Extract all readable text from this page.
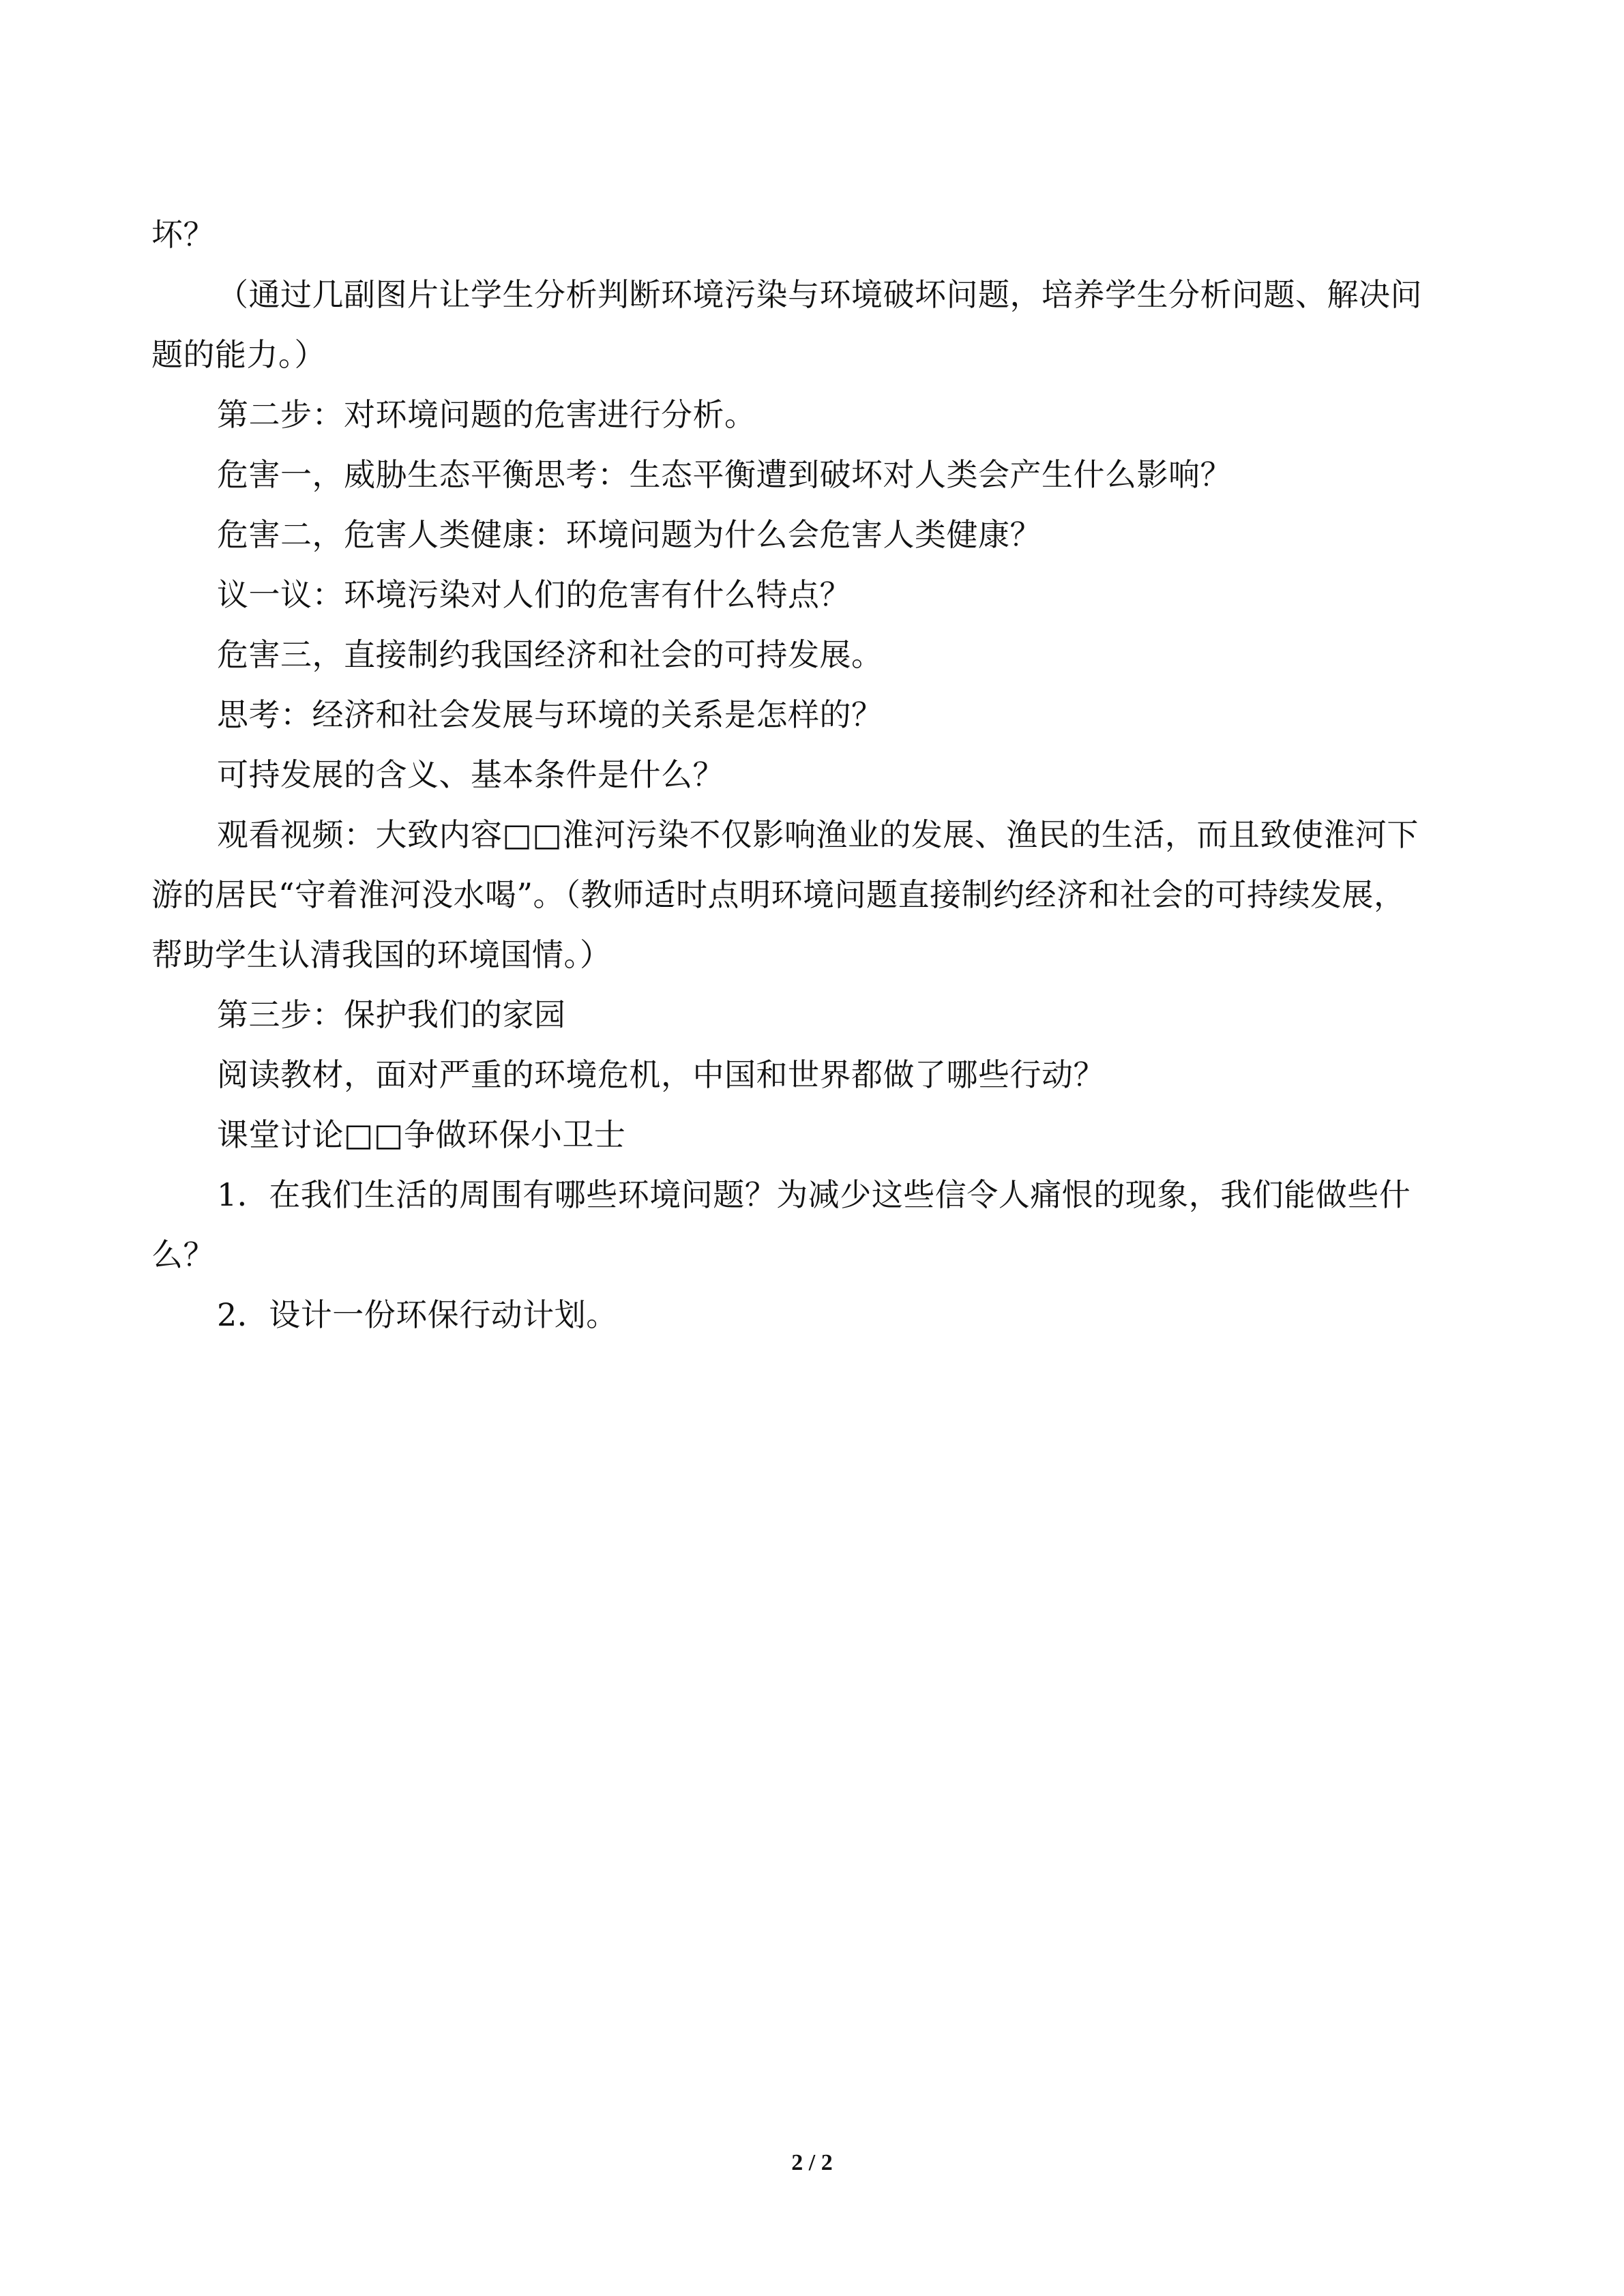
坏？
（通过几副图片让学生分析判断环境污染与环境破坏问题，培养学生分析问题、解决问
题的能力。）
第二步：对环境问题的危害进行分析。
危害一，威胁生态平衡思考：生态平衡遭到破坏对人类会产生什么影响？
危害二，危害人类健康：环境问题为什么会危害人类健康？
议一议：环境污染对人们的危害有什么特点？
危害三，直接制约我国经济和社会的可持发展。
思考：经济和社会发展与环境的关系是怎样的？
可持发展的含义、基本条件是什么？
观看视频：大致内容□□淮河污染不仅影响渔业的发展、渔民的生活，而且致使淮河下
游的居民“守着淮河没水喝”。（教师适时点明环境问题直接制约经济和社会的可持续发展，
帮助学生认清我国的环境国情。）
第三步：保护我们的家园
阅读教材，面对严重的环境危机，中国和世界都做了哪些行动？
课堂讨论□□争做环保小卫士
1．在我们生活的周围有哪些环境问题？为减少这些信令人痛恨的现象，我们能做些什
么？
2．设计一份环保行动计划。
2 / 2
